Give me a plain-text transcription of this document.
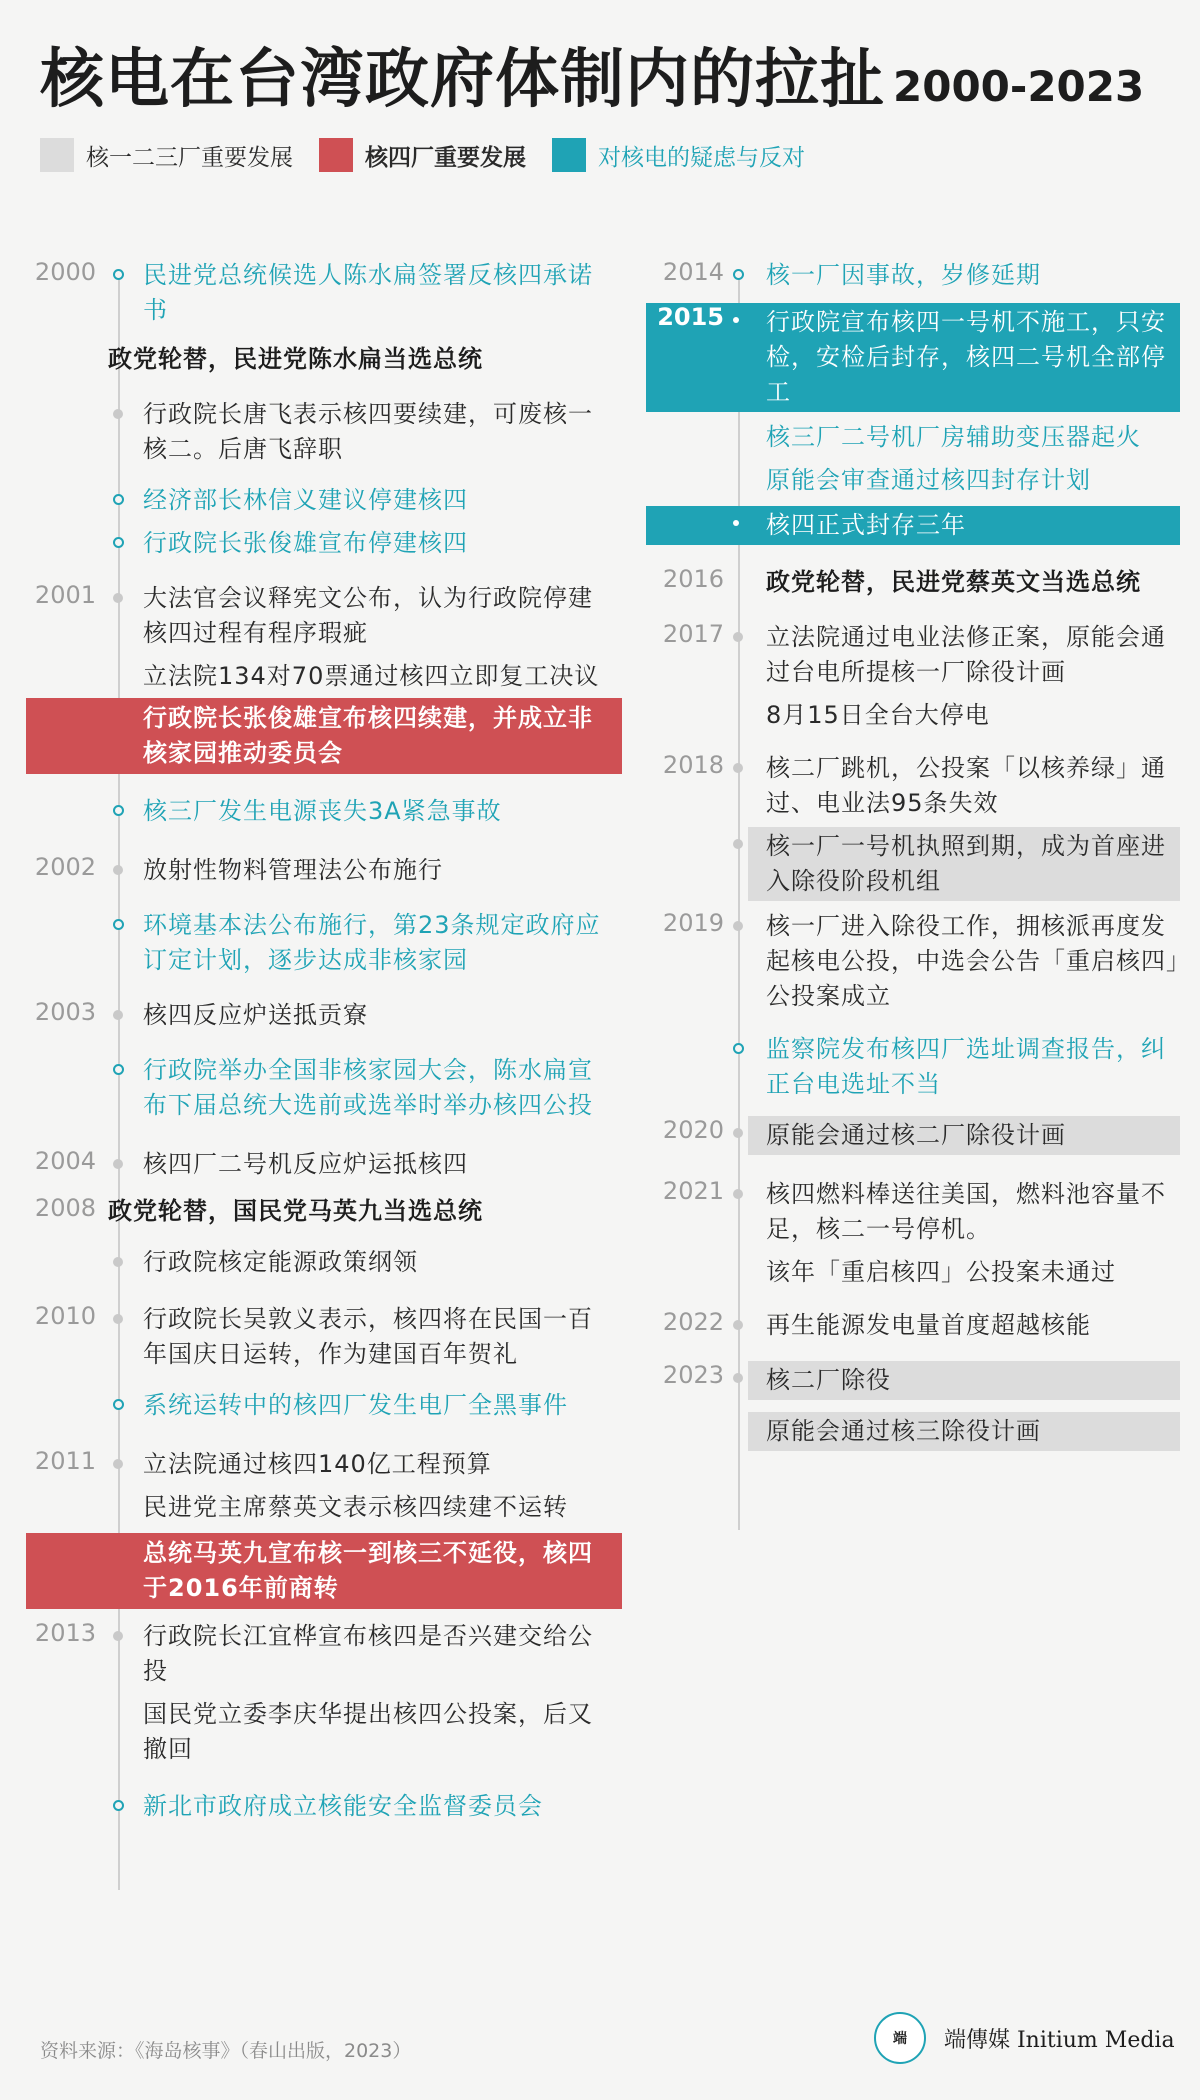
核电在台湾政府体制内的拉扯 2000-2023
核一二三厂重要发展	核四厂重要发展	对核电的疑虑与反对
2000 民进党总统候选人陈水扁签署反核四承诺书
政党轮替，民进党陈水扁当选总统
行政院长唐飞表示核四要续建，可废核一核二。后唐飞辞职
经济部长林信义建议停建核四
行政院长张俊雄宣布停建核四
2001 大法官会议释宪文公布，认为行政院停建核四过程有程序瑕疵
立法院134对70票通过核四立即复工决议
行政院长张俊雄宣布核四续建，并成立非核家园推动委员会
核三厂发生电源丧失3A紧急事故
2002 放射性物料管理法公布施行
环境基本法公布施行，第23条规定政府应订定计划，逐步达成非核家园
2003 核四反应炉送抵贡寮
行政院举办全国非核家园大会，陈水扁宣布下届总统大选前或选举时举办核四公投
2004 核四厂二号机反应炉运抵核四
2008 政党轮替，国民党马英九当选总统
行政院核定能源政策纲领
2010 行政院长吴敦义表示，核四将在民国一百年国庆日运转，作为建国百年贺礼
系统运转中的核四厂发生电厂全黑事件
2011 立法院通过核四140亿工程预算
民进党主席蔡英文表示核四续建不运转
总统马英九宣布核一到核三不延役，核四于2016年前商转
2013 行政院长江宜桦宣布核四是否兴建交给公投
国民党立委李庆华提出核四公投案，后又撤回
新北市政府成立核能安全监督委员会
2014 核一厂因事故，岁修延期
2015 行政院宣布核四一号机不施工，只安检，安检后封存，核四二号机全部停工
核三厂二号机厂房辅助变压器起火
原能会审查通过核四封存计划
核四正式封存三年
2016 政党轮替，民进党蔡英文当选总统
2017 立法院通过电业法修正案，原能会通过台电所提核一厂除役计画
8月15日全台大停电
2018 核二厂跳机，公投案「以核养绿」通过、电业法95条失效
核一厂一号机执照到期，成为首座进入除役阶段机组
2019 核一厂进入除役工作，拥核派再度发起核电公投，中选会公告「重启核四」公投案成立
监察院发布核四厂选址调查报告，纠正台电选址不当
2020 原能会通过核二厂除役计画
2021 核四燃料棒送往美国，燃料池容量不足，核二一号停机。
该年「重启核四」公投案未通过
2022 再生能源发电量首度超越核能
2023 核二厂除役
原能会通过核三除役计画
资料来源：《海岛核事》（春山出版，2023）
端	端傳媒 Initium Media
